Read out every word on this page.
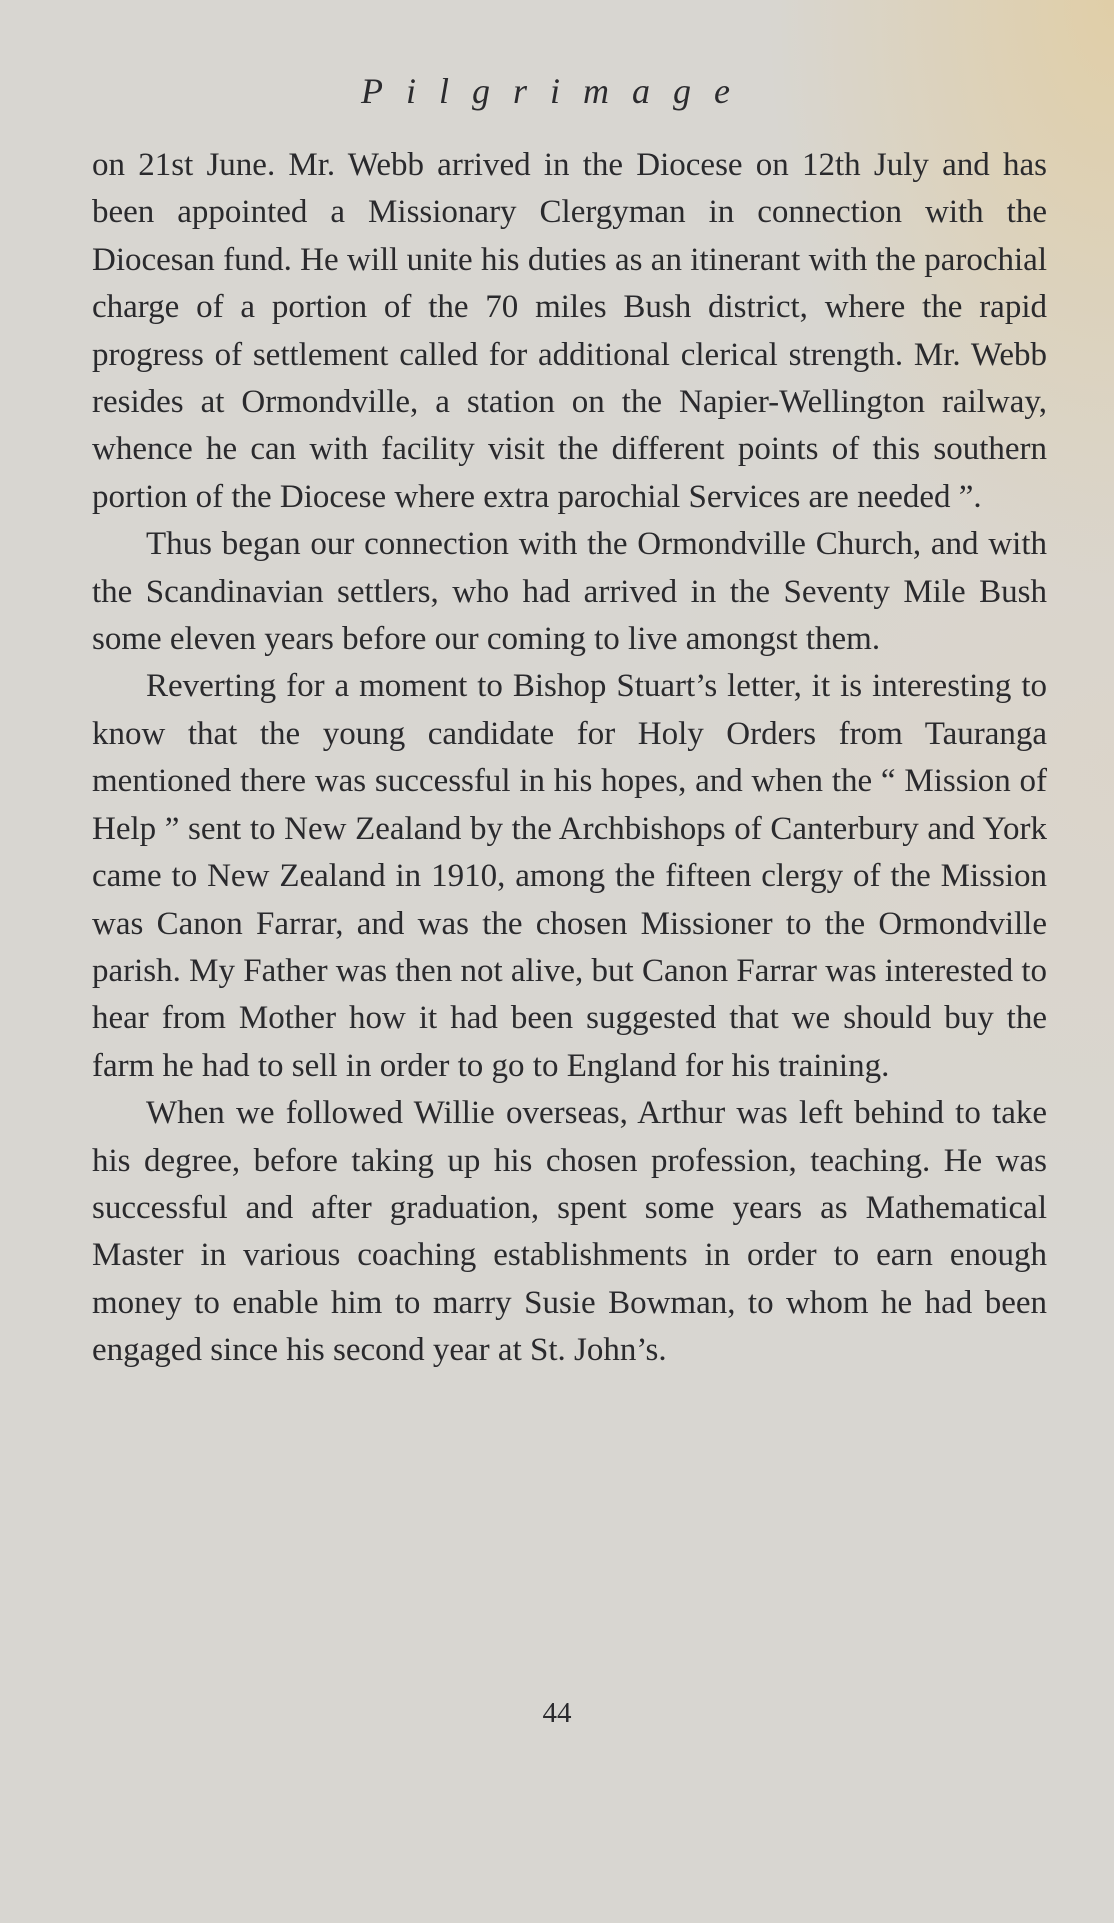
Pilgrimage

on 21st June. Mr. Webb arrived in the Diocese on 12th July and has been appointed a Missionary Clergyman in connection with the Diocesan fund. He will unite his duties as an itinerant with the parochial charge of a portion of the 70 miles Bush district, where the rapid progress of settlement called for additional clerical strength. Mr. Webb resides at Ormondville, a station on the Napier-Wellington railway, whence he can with facility visit the different points of this southern portion of the Diocese where extra parochial Services are needed ”.

Thus began our connection with the Ormondville Church, and with the Scandinavian settlers, who had arrived in the Seventy Mile Bush some eleven years before our coming to live amongst them.

Reverting for a moment to Bishop Stuart’s letter, it is interesting to know that the young candidate for Holy Orders from Tauranga mentioned there was successful in his hopes, and when the “ Mission of Help ” sent to New Zealand by the Archbishops of Canterbury and York came to New Zealand in 1910, among the fifteen clergy of the Mission was Canon Farrar, and was the chosen Missioner to the Ormondville parish. My Father was then not alive, but Canon Farrar was interested to hear from Mother how it had been suggested that we should buy the farm he had to sell in order to go to England for his training.

When we followed Willie overseas, Arthur was left behind to take his degree, before taking up his chosen profession, teaching. He was successful and after graduation, spent some years as Mathematical Master in various coaching establishments in order to earn enough money to enable him to marry Susie Bowman, to whom he had been engaged since his second year at St. John’s.

44
